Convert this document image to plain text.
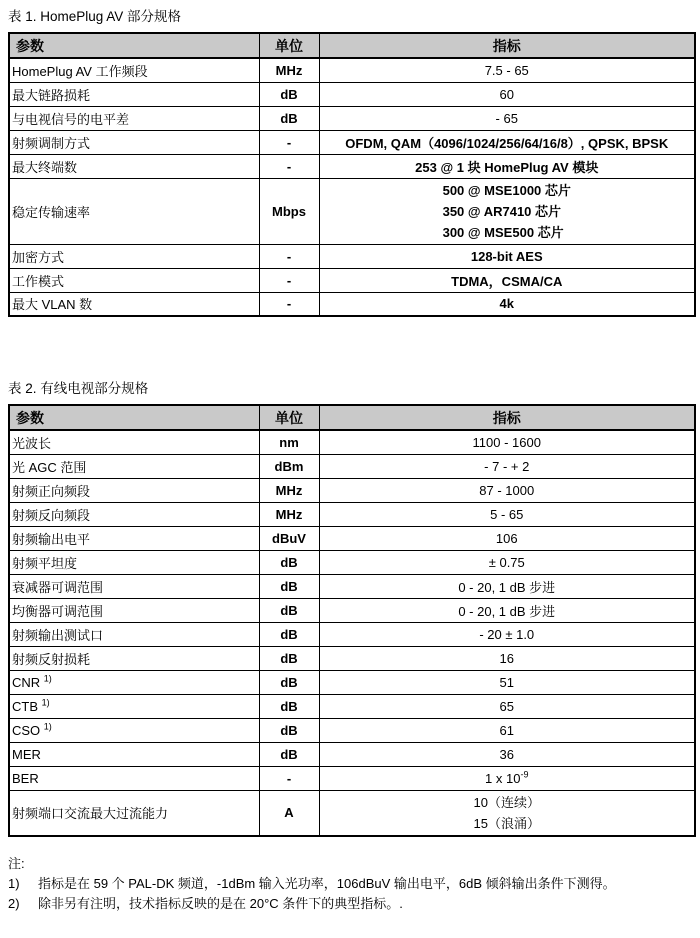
表 1. HomePlug AV 部分规格
参数	单位	指标
HomePlug AV 工作频段	MHz	7.5 - 65
最大链路损耗	dB	60
与电视信号的电平差	dB	- 65
射频调制方式	-	OFDM, QAM（4096/1024/256/64/16/8）, QPSK, BPSK
最大终端数	-	253 @ 1 块 HomePlug AV 模块
稳定传输速率	Mbps	500 @ MSE1000 芯片
350 @ AR7410 芯片
300 @ MSE500 芯片

加密方式	-	128-bit AES
工作模式	-	TDMA，CSMA/CA
最大 VLAN 数	-	4k
表 2. 有线电视部分规格
参数	单位	指标
光波长	nm	1100 - 1600
光 AGC 范围	dBm	- 7 - + 2
射频正向频段	MHz	87 - 1000
射频反向频段	MHz	5 - 65
射频输出电平	dBuV	106
射频平坦度	dB	± 0.75
衰减器可调范围	dB	0 - 20, 1 dB 步进
均衡器可调范围	dB	0 - 20, 1 dB 步进
射频输出测试口	dB	- 20 ± 1.0
射频反射损耗	dB	16
CNR $^{1)}$	dB	51
CTB $^{1)}$	dB	65
CSO $^{1)}$	dB	61
MER	dB	36
BER	-	1 x $10^{-9}$
射频端口交流最大过流能力	A	10（连续）
15（浪涌）
注:
1)	指标是在 59 个 PAL-DK 频道，-1dBm 输入光功率，106dBuV 输出电平，6dB 倾斜输出条件下测得。
2)	除非另有注明，技术指标反映的是在 20°C 条件下的典型指标。.
